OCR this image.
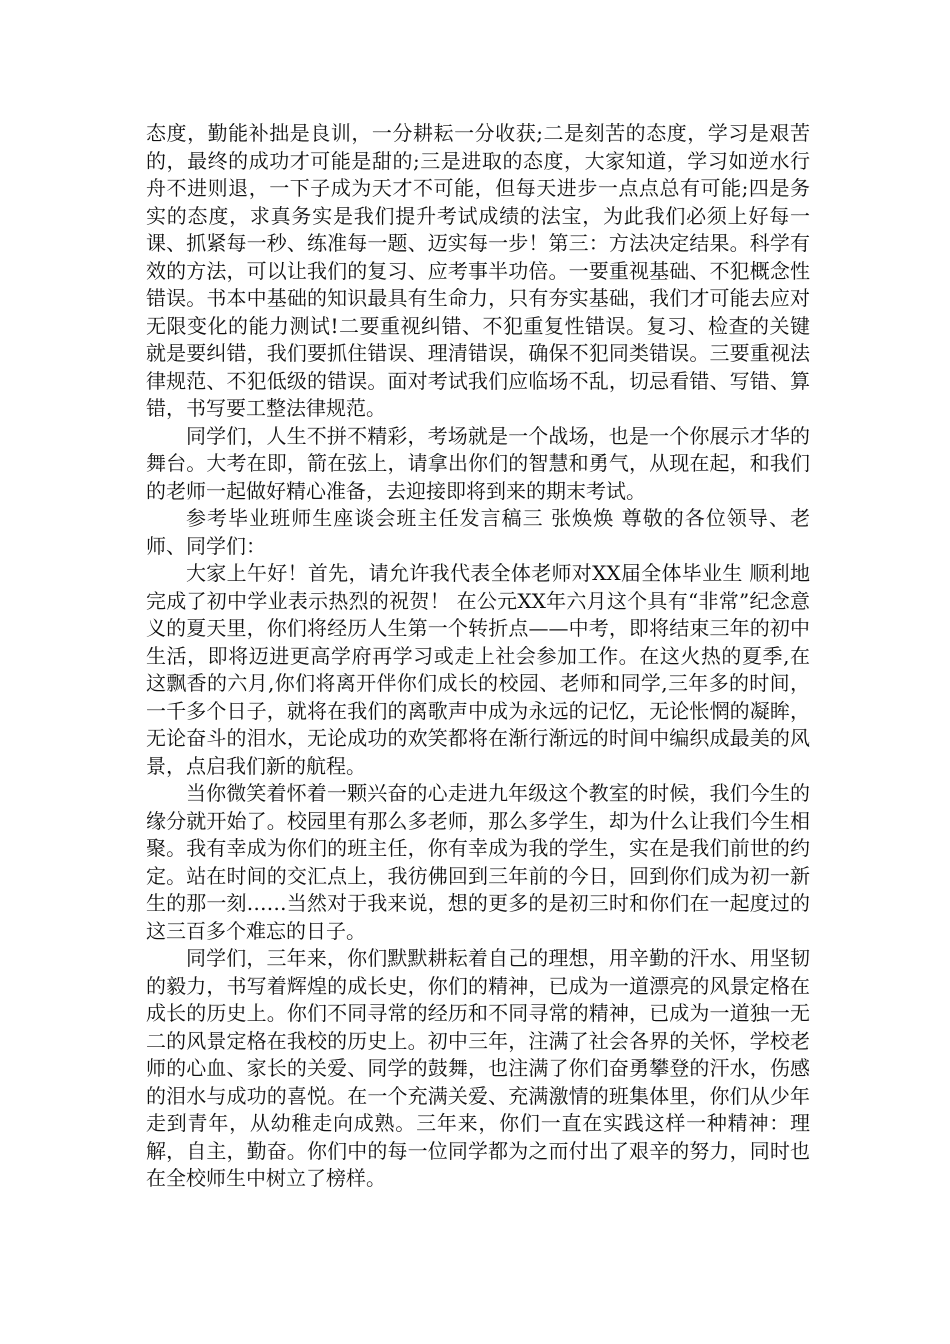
态度，勤能补拙是良训，一分耕耘一分收获;二是刻苦的态度，学习是艰苦的，最终的成功才可能是甜的;三是进取的态度，大家知道，学习如逆水行舟不进则退，一下子成为天才不可能，但每天进步一点点总有可能;四是务实的态度，求真务实是我们提升考试成绩的法宝，为此我们必须上好每一课、抓紧每一秒、练准每一题、迈实每一步！第三：方法决定结果。科学有效的方法，可以让我们的复习、应考事半功倍。一要重视基础、不犯概念性错误。书本中基础的知识最具有生命力，只有夯实基础，我们才可能去应对无限变化的能力测试!二要重视纠错、不犯重复性错误。复习、检查的关键就是要纠错，我们要抓住错误、理清错误，确保不犯同类错误。三要重视法律规范、不犯低级的错误。面对考试我们应临场不乱，切忌看错、写错、算错，书写要工整法律规范。

同学们，人生不拼不精彩，考场就是一个战场，也是一个你展示才华的舞台。大考在即，箭在弦上，请拿出你们的智慧和勇气，从现在起，和我们的老师一起做好精心准备，去迎接即将到来的期末考试。

参考毕业班师生座谈会班主任发言稿三 张焕焕 尊敬的各位领导、老师、同学们：

大家上午好！首先，请允许我代表全体老师对XX届全体毕业生 顺利地完成了初中学业表示热烈的祝贺！ 在公元XX年六月这个具有“非常”纪念意义的夏天里，你们将经历人生第一个转折点——中考，即将结束三年的初中生活，即将迈进更高学府再学习或走上社会参加工作。在这火热的夏季,在这飘香的六月,你们将离开伴你们成长的校园、老师和同学,三年多的时间，一千多个日子，就将在我们的离歌声中成为永远的记忆，无论怅惘的凝眸，无论奋斗的泪水，无论成功的欢笑都将在渐行渐远的时间中编织成最美的风景，点启我们新的航程。

当你微笑着怀着一颗兴奋的心走进九年级这个教室的时候，我们今生的缘分就开始了。校园里有那么多老师，那么多学生，却为什么让我们今生相聚。我有幸成为你们的班主任，你有幸成为我的学生，实在是我们前世的约定。站在时间的交汇点上，我彷佛回到三年前的今日，回到你们成为初一新生的那一刻……当然对于我来说，想的更多的是初三时和你们在一起度过的这三百多个难忘的日子。

同学们，三年来，你们默默耕耘着自己的理想，用辛勤的汗水、用坚韧的毅力，书写着辉煌的成长史，你们的精神，已成为一道漂亮的风景定格在成长的历史上。你们不同寻常的经历和不同寻常的精神，已成为一道独一无二的风景定格在我校的历史上。初中三年，注满了社会各界的关怀，学校老师的心血、家长的关爱、同学的鼓舞，也注满了你们奋勇攀登的汗水，伤感的泪水与成功的喜悦。在一个充满关爱、充满激情的班集体里，你们从少年走到青年，从幼稚走向成熟。三年来，你们一直在实践这样一种精神：理解，自主，勤奋。你们中的每一位同学都为之而付出了艰辛的努力，同时也在全校师生中树立了榜样。
